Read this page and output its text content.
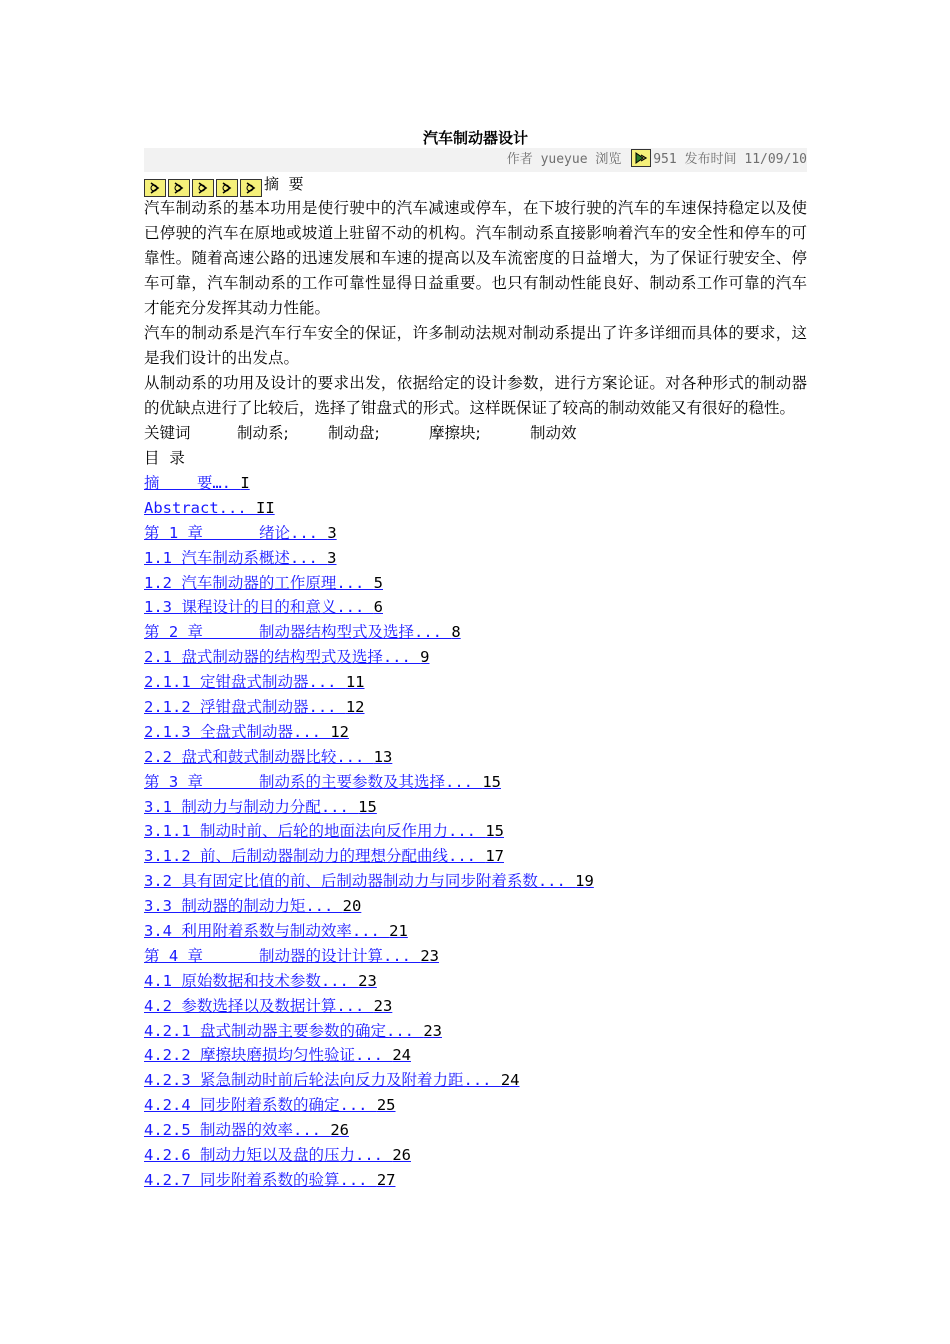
汽车制动器设计
作者 yueyue 浏览 951 发布时间 11/09/10
摘  要

汽车制动系的基本功用是使行驶中的汽车减速或停车，在下坡行驶的汽车的车速保持稳定以及使已停驶的汽车在原地或坡道上驻留不动的机构。汽车制动系直接影响着汽车的安全性和停车的可靠性。随着高速公路的迅速发展和车速的提高以及车流密度的日益增大，为了保证行驶安全、停车可靠，汽车制动系的工作可靠性显得日益重要。也只有制动性能良好、制动系工作可靠的汽车才能充分发挥其动力性能。

汽车的制动系是汽车行车安全的保证，许多制动法规对制动系提出了许多详细而具体的要求，这是我们设计的出发点。

从制动系的功用及设计的要求出发，依据给定的设计参数，进行方案论证。对各种形式的制动器的优缺点进行了比较后，选择了钳盘式的形式。这样既保证了较高的制动效能又有很好的稳性。

关键词	制动系;	制动盘;	摩擦块;	制动效
目  录
摘    要…. I
Abstract... II
第 1 章      绪论... 3
1.1 汽车制动系概述... 3
1.2 汽车制动器的工作原理... 5
1.3 课程设计的目的和意义... 6
第 2 章      制动器结构型式及选择... 8
2.1 盘式制动器的结构型式及选择... 9
2.1.1 定钳盘式制动器... 11
2.1.2 浮钳盘式制动器... 12
2.1.3 全盘式制动器... 12
2.2 盘式和鼓式制动器比较... 13
第 3 章      制动系的主要参数及其选择... 15
3.1 制动力与制动力分配... 15
3.1.1 制动时前、后轮的地面法向反作用力... 15
3.1.2 前、后制动器制动力的理想分配曲线... 17
3.2 具有固定比值的前、后制动器制动力与同步附着系数... 19
3.3 制动器的制动力矩... 20
3.4 利用附着系数与制动效率... 21
第 4 章      制动器的设计计算... 23
4.1 原始数据和技术参数... 23
4.2 参数选择以及数据计算... 23
4.2.1 盘式制动器主要参数的确定... 23
4.2.2 摩擦块磨损均匀性验证... 24
4.2.3 紧急制动时前后轮法向反力及附着力距... 24
4.2.4 同步附着系数的确定... 25
4.2.5 制动器的效率... 26
4.2.6 制动力矩以及盘的压力... 26
4.2.7 同步附着系数的验算... 27
